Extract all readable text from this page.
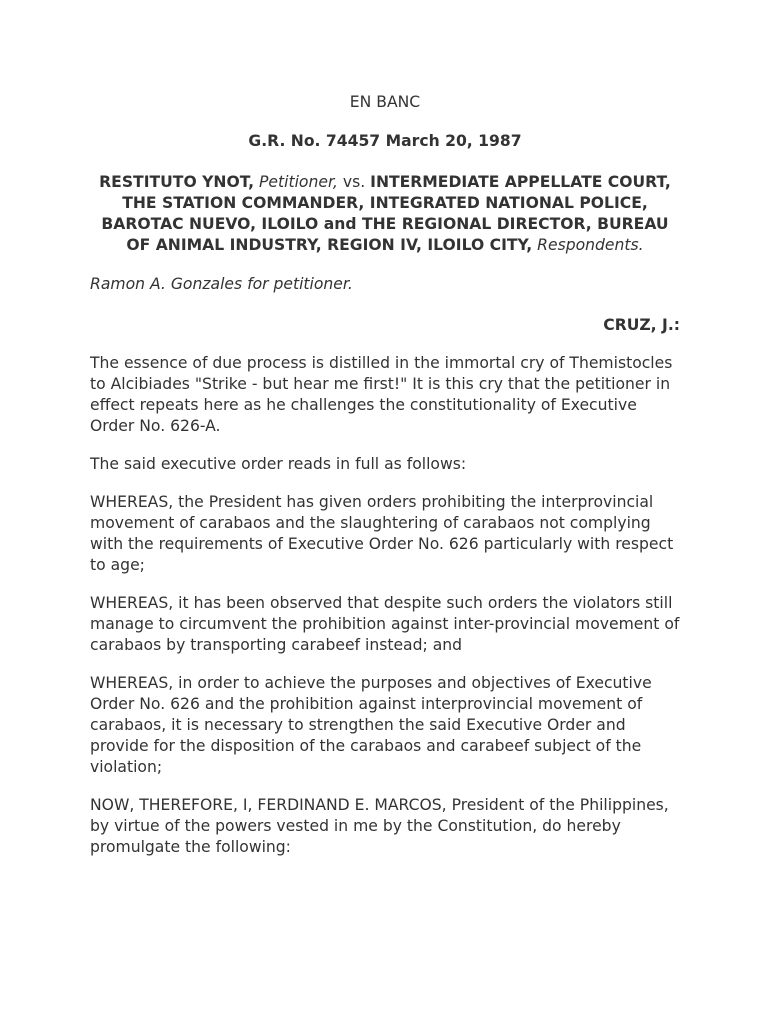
EN BANC

G.R. No. 74457 March 20, 1987

RESTITUTO YNOT, Petitioner, vs. INTERMEDIATE APPELLATE COURT, THE STATION COMMANDER, INTEGRATED NATIONAL POLICE, BAROTAC NUEVO, ILOILO and THE REGIONAL DIRECTOR, BUREAU OF ANIMAL INDUSTRY, REGION IV, ILOILO CITY, Respondents.

Ramon A. Gonzales for petitioner.

CRUZ, J.:

The essence of due process is distilled in the immortal cry of Themistocles to Alcibiades "Strike - but hear me first!" It is this cry that the petitioner in effect repeats here as he challenges the constitutionality of Executive Order No. 626-A.

The said executive order reads in full as follows:

WHEREAS, the President has given orders prohibiting the interprovincial movement of carabaos and the slaughtering of carabaos not complying with the requirements of Executive Order No. 626 particularly with respect to age;

WHEREAS, it has been observed that despite such orders the violators still manage to circumvent the prohibition against inter-provincial movement of carabaos by transporting carabeef instead; and

WHEREAS, in order to achieve the purposes and objectives of Executive Order No. 626 and the prohibition against interprovincial movement of carabaos, it is necessary to strengthen the said Executive Order and provide for the disposition of the carabaos and carabeef subject of the violation;

NOW, THEREFORE, I, FERDINAND E. MARCOS, President of the Philippines, by virtue of the powers vested in me by the Constitution, do hereby promulgate the following:
